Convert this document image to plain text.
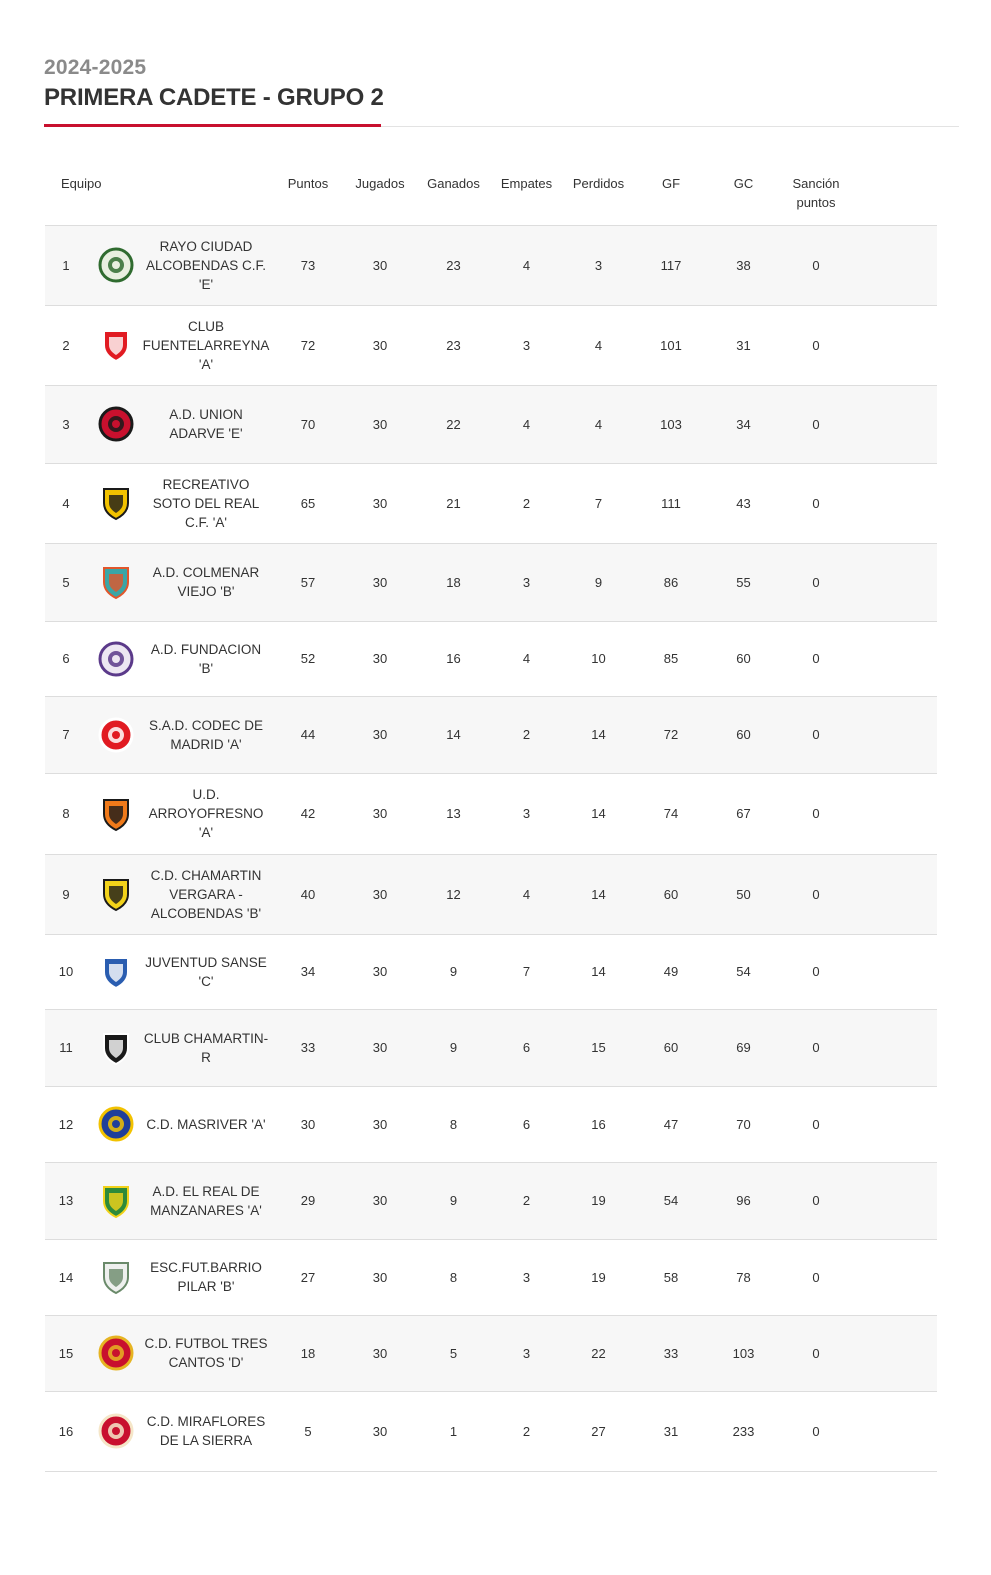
2024-2025
PRIMERA CADETE - GRUPO 2
Equipo			Puntos	Jugados	Ganados	Empates	Perdidos	GF	GC	Sanción puntos	
1		RAYO CIUDAD ALCOBENDAS C.F. 'E'	73	30	23	4	3	117	38	0	
2		CLUB FUENTELARREYNA 'A'	72	30	23	3	4	101	31	0	
3		A.D. UNION ADARVE 'E'	70	30	22	4	4	103	34	0	
4		RECREATIVO SOTO DEL REAL C.F. 'A'	65	30	21	2	7	111	43	0	
5		A.D. COLMENAR VIEJO 'B'	57	30	18	3	9	86	55	0	
6		A.D. FUNDACION 'B'	52	30	16	4	10	85	60	0	
7		S.A.D. CODEC DE MADRID 'A'	44	30	14	2	14	72	60	0	
8		U.D. ARROYOFRESNO 'A'	42	30	13	3	14	74	67	0	
9		C.D. CHAMARTIN VERGARA - ALCOBENDAS 'B'	40	30	12	4	14	60	50	0	
10		JUVENTUD SANSE 'C'	34	30	9	7	14	49	54	0	
11		CLUB CHAMARTIN-R	33	30	9	6	15	60	69	0	
12		C.D. MASRIVER 'A'	30	30	8	6	16	47	70	0	
13		A.D. EL REAL DE MANZANARES 'A'	29	30	9	2	19	54	96	0	
14		ESC.FUT.BARRIO PILAR 'B'	27	30	8	3	19	58	78	0	
15		C.D. FUTBOL TRES CANTOS 'D'	18	30	5	3	22	33	103	0	
16		C.D. MIRAFLORES DE LA SIERRA	5	30	1	2	27	31	233	0	
